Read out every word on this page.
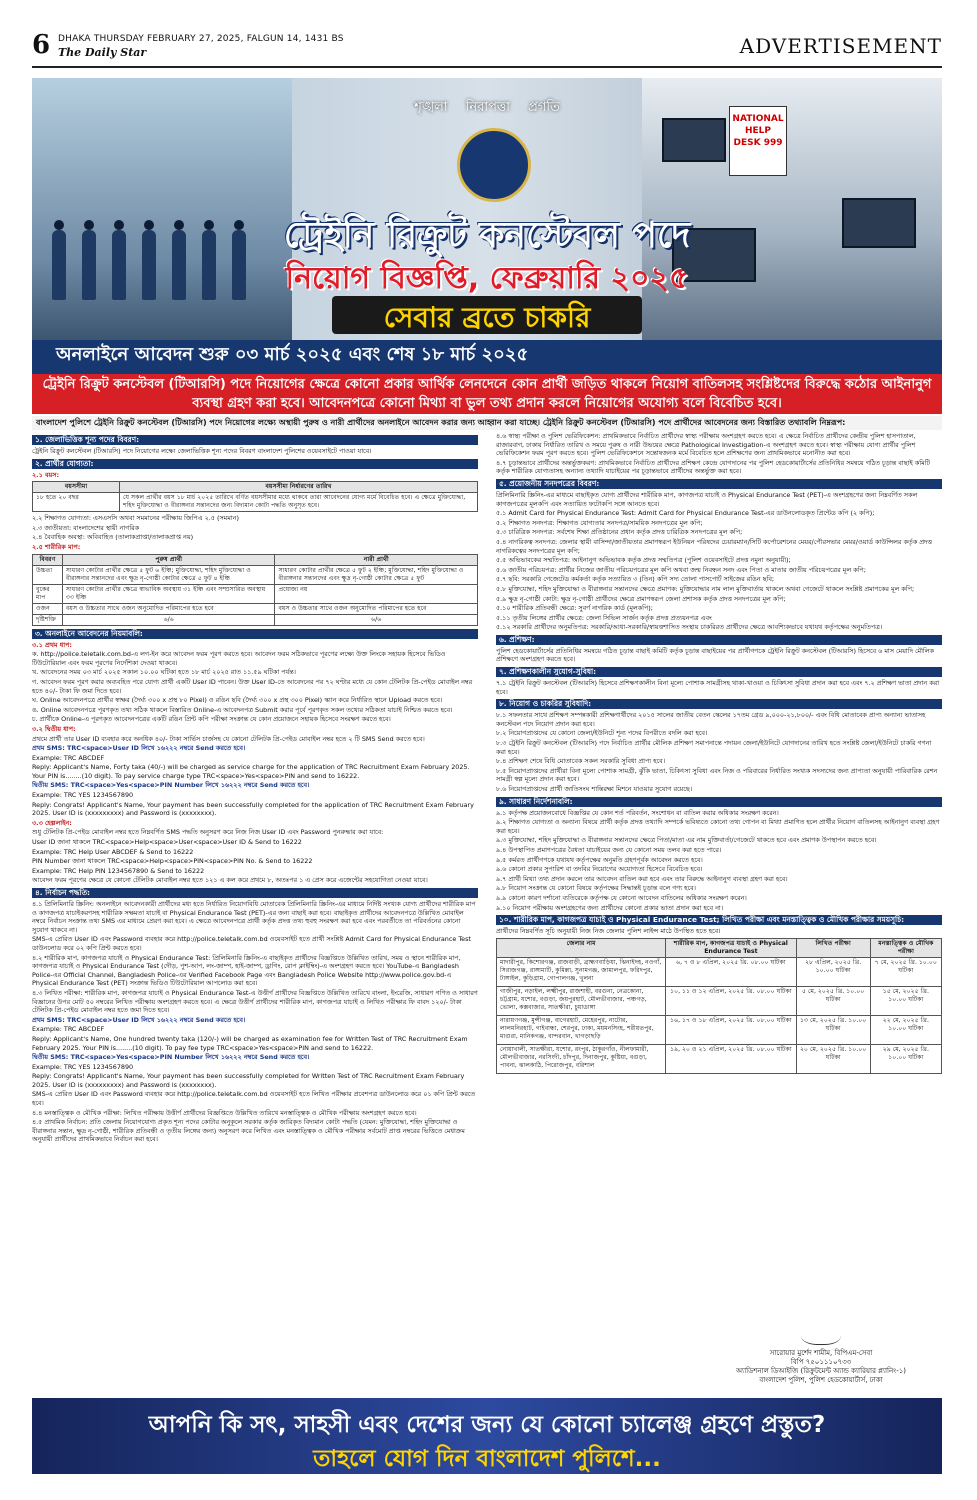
6 DHAKA THURSDAY FEBRUARY 27, 2025, FALGUN 14, 1431 BS
The Daily Star	ADVERTISEMENT
NATIONAL HELP DESK 999
শৃঙ্খলা নিরাপত্তা প্রগতি
ট্রেইনি রিক্রুট কনস্টেবল পদে
নিয়োগ বিজ্ঞপ্তি, ফেব্রুয়ারি ২০২৫
সেবার ব্রতে চাকরি
অনলাইনে আবেদন শুরু ০৩ মার্চ ২০২৫ এবং শেষ ১৮ মার্চ ২০২৫
ট্রেইনি রিক্রুট কনস্টেবল (টিআরসি) পদে নিয়োগের ক্ষেত্রে কোনো প্রকার আর্থিক লেনদেনে কোন প্রার্থী জড়িত থাকলে নিয়োগ বাতিলসহ সংশ্লিষ্টদের বিরুদ্ধে কঠোর আইনানুগ ব্যবস্থা গ্রহণ করা হবে। আবেদনপত্রে কোনো মিথ্যা বা ভুল তথ্য প্রদান করলে নিয়োগের অযোগ্য বলে বিবেচিত হবে।
বাংলাদেশ পুলিশে ট্রেইনি রিক্রুট কনস্টেবল (টিআরসি) পদে নিয়োগের লক্ষ্যে অস্থায়ী পুরুষ ও নারী প্রার্থীদের অনলাইনে আবেদন করার জন্য আহ্বান করা যাচ্ছে। ট্রেইনি রিক্রুট কনস্টেবল (টিআরসি) পদে প্রার্থীদের আবেদনের জন্য বিস্তারিত তথ্যাবলি নিম্নরূপ:
১. জেলাভিত্তিক শূন্য পদের বিবরণ:

ট্রেইনি রিক্রুট কনস্টেবল (টিআরসি) পদে নিয়োগের লক্ষ্যে জেলাভিত্তিক শূন্য পদের বিবরণ বাংলাদেশ পুলিশের ওয়েবসাইটে পাওয়া যাবে।

২. প্রার্থীর যোগ্যতা:

২.১ বয়স:

বয়সসীমা	বয়সসীমা নির্ধারণের তারিখ
১৮ হতে ২০ বছর	যে সকল প্রার্থীর বয়স ১৮ মার্চ ২০২৫ তারিখে বর্ণিত বয়সসীমার মধ্যে থাকবে তারা আবেদনের যোগ্য মর্মে বিবেচিত হবে। এ ক্ষেত্রে মুক্তিযোদ্ধা, শহিদ মুক্তিযোদ্ধা ও বীরাঙ্গনার সন্তানদের জন্য বিদ্যমান কোটা পদ্ধতি অনুসৃত হবে।

২.২ শিক্ষাগত যোগ্যতা: এসএসসি অথবা সমমানের পরীক্ষায় জিপিএ ২.৫ (সমমান)

২.৩ জাতীয়তা: বাংলাদেশের স্থায়ী নাগরিক

২.৪ বৈবাহিক অবস্থা: অবিবাহিত (তালাকপ্রাপ্তা/তালাকপ্রাপ্ত নয়)

২.৫ শারীরিক মাপ:

বিবরণ	পুরুষ প্রার্থী	নারী প্রার্থী
উচ্চতা	সাধারণ কোটার প্রার্থীর ক্ষেত্রে ৫ ফুট ৬ ইঞ্চি; মুক্তিযোদ্ধা, শহিদ মুক্তিযোদ্ধা ও বীরাঙ্গনার সন্তানদের এবং ক্ষুদ্র নৃ-গোষ্ঠী কোটার ক্ষেত্রে ৫ ফুট ৪ ইঞ্চি	সাধারণ কোটার প্রার্থীর ক্ষেত্রে ৫ ফুট ২ ইঞ্চি; মুক্তিযোদ্ধা, শহিদ মুক্তিযোদ্ধা ও বীরাঙ্গনার সন্তানদের এবং ক্ষুদ্র নৃ-গোষ্ঠী কোটার ক্ষেত্রে ৫ ফুট
বুকের মাপ	সাধারণ কোটার প্রার্থীর ক্ষেত্রে স্বাভাবিক অবস্থায় ৩১ ইঞ্চি এবং সম্প্রসারিত অবস্থায় ৩৩ ইঞ্চি	প্রযোজ্য নয়
ওজন	বয়স ও উচ্চতার সাথে ওজন অনুমোদিত পরিমাপের হতে হবে	বয়স ও উচ্চতার সাথে ওজন অনুমোদিত পরিমাপের হতে হবে
দৃষ্টিশক্তি	৬/৬	৬/৬
৩. অনলাইনে আবেদনের নিয়মাবলি:

৩.১ প্রথম ধাপ:

ক. http://police.teletalk.com.bd-এ লগ-ইন করে আবেদন ফরম পূরণ করতে হবে। আবেদন ফরম সঠিকভাবে পূরণের লক্ষ্যে উক্ত লিংকে সহায়ক হিসেবে ভিডিও টিউটোরিয়াল এবং ফরম পূরণের নির্দেশিকা দেওয়া থাকবে।

খ. আবেদনের সময় ০৩ মার্চ ২০২৫ সকাল ১০.০০ ঘটিকা হতে ১৮ মার্চ ২০২৫ রাত ১১.৫৯ ঘটিকা পর্যন্ত।

গ. আবেদন ফরম পূরণ করার অব্যবহিত পরে যোগ্য প্রার্থী একটি User ID পাবেন। উক্ত User ID-তে আবেদনের পর ৭২ ঘণ্টার মধ্যে যে কোন টেলিটক প্রি-পেইড মোবাইল নম্বর হতে ৪০/- টাকা ফি জমা দিতে হবে।

ঘ. Online আবেদনপত্রে প্রার্থীর স্বাক্ষর (দৈর্ঘ্য ৩০০ x প্রস্থ ৮০ Pixel) ও রঙিন ছবি (দৈর্ঘ্য ৩০০ x প্রস্থ ৩০০ Pixel) স্ক্যান করে নির্ধারিত স্থানে Upload করতে হবে।

ঙ. Online আবেদনপত্রে পূরণকৃত তথ্য সঠিক থাকলে বিস্তারিত Online-এ আবেদনপত্র Submit করার পূর্বে পূরণকৃত সকল তথ্যের সঠিকতা যাচাই নিশ্চিত করতে হবে।

চ. প্রার্থীকে Online-এ পূরণকৃত আবেদনপত্রের একটি রঙিন প্রিন্ট কপি পরীক্ষা সংক্রান্ত যে কোন প্রয়োজনে সহায়ক হিসেবে সংরক্ষণ করতে হবে।

৩.২ দ্বিতীয় ধাপ:

প্রথমে প্রার্থী তার User ID ব্যবহার করে অনধিক ৪০/- টাকা সার্ভিস চার্জসহ যে কোনো টেলিটক প্রি-পেইড মোবাইল নম্বর হতে ২ টি SMS Send করতে হবে।

প্রথম SMS: TRC<space>User ID লিখে ১৬২২২ নম্বরে Send করতে হবে।

Example: TRC ABCDEF

Reply: Applicant's Name, Forty taka (40/-) will be charged as service charge for the application of TRC Recruitment Exam February 2025. Your PIN is........(10 digit). To pay service charge type TRC<space>Yes<space>PIN and send to 16222.

দ্বিতীয় SMS: TRC<space>Yes<space>PIN Number লিখে ১৬২২২ নম্বরে Send করতে হবে।

Example: TRC YES 1234567890

Reply: Congrats! Applicant's Name, Your payment has been successfully completed for the application of TRC Recruitment Exam February 2025. User ID is (xxxxxxxxx) and Password is (xxxxxxxx).

৩.৩ হেল্পলাইন:

শুধু টেলিটক প্রি-পেইড মোবাইল নম্বর হতে নিম্নবর্ণিত SMS পদ্ধতি অনুসরণ করে নিজ নিজ User ID এবং Password পুনরুদ্ধার করা যাবে:

User ID জানা থাকলে TRC<space>Help<space>User<space>User ID & Send to 16222

Example: TRC Help User ABCDEF & Send to 16222

PIN Number জানা থাকলে TRC<space>Help<space>PIN<space>PIN No. & Send to 16222

Example: TRC Help PIN 1234567890 & Send to 16222

আবেদন ফরম পূরণের ক্ষেত্রে যে কোনো টেলিটক মোবাইল নম্বর হতে ১২১ এ কল করে প্রথমে ৮, অতঃপর ১ এ প্রেস করে এজেন্টের সহযোগিতা নেওয়া যাবে।

৪. নির্বাচন পদ্ধতি:

৪.১ প্রিলিমিনারি স্ক্রিনিং: অনলাইনে আবেদনকারী প্রার্থীদের মধ্য হতে নির্ধারিত নিয়োগবিধি মোতাবেক প্রিলিমিনারি স্ক্রিনিং-এর মাধ্যমে নির্দিষ্ট সংখ্যক যোগ্য প্রার্থীদের শারীরিক মাপ ও কাগজপত্র যাচাইকরণসহ শারীরিক সক্ষমতা যাচাই বা Physical Endurance Test (PET)-এর জন্য বাছাই করা হবে। বাছাইকৃত প্রার্থীদের আবেদনপত্রে উল্লিখিত মোবাইল নম্বরে নির্বাচন সংক্রান্ত তথ্য SMS এর মাধ্যমে প্রেরণ করা হবে। এ ক্ষেত্রে আবেদনপত্রে প্রার্থী কর্তৃক প্রদত্ত তথ্য হুবহু সংরক্ষণ করা হবে এবং পরবর্তীতে তা পরিবর্তনের কোনো সুযোগ থাকবে না।

SMS-এ প্রেরিত User ID এবং Password ব্যবহার করে http://police.teletalk.com.bd ওয়েবসাইট হতে প্রার্থী সংশ্লিষ্ট Admit Card for Physical Endurance Test ডাউনলোড করে ০২ কপি প্রিন্ট করতে হবে।

৪.২ শারীরিক মাপ, কাগজপত্র যাচাই ও Physical Endurance Test: প্রিলিমিনারি স্ক্রিনিং-এ বাছাইকৃত প্রার্থীদের বিজ্ঞপ্তিতে উল্লিখিত তারিখ, সময় ও স্থানে শারীরিক মাপ, কাগজপত্র যাচাই ও Physical Endurance Test (দৌড়, পুশ-আপ, লং-জাম্প, হাই-জাম্প, ড্রাগিং, রোপ ক্লাইম্বিং)-এ অংশগ্রহণ করতে হবে। YouTube-এ Bangladesh Police-এর Official Channel, Bangladesh Police-এর Verified Facebook Page এবং Bangladesh Police Website http://www.police.gov.bd-এ Physical Endurance Test (PET) সংক্রান্ত ভিডিও টিউটোরিয়াল আপলোড করা হবে।

৪.৩ লিখিত পরীক্ষা: শারীরিক মাপ, কাগজপত্র যাচাই ও Physical Endurance Test-এ উত্তীর্ণ প্রার্থীদের বিজ্ঞপ্তিতে উল্লিখিত তারিখে বাংলা, ইংরেজি, সাধারণ গণিত ও সাধারণ বিজ্ঞানের উপর মোট ৫০ নম্বরের লিখিত পরীক্ষায় অংশগ্রহণ করতে হবে। এ ক্ষেত্রে উত্তীর্ণ প্রার্থীদের শারীরিক মাপ, কাগজপত্র যাচাই ও লিখিত পরীক্ষার ফি বাবদ ১২০/- টাকা টেলিটক প্রি-পেইড মোবাইল নম্বর হতে জমা দিতে হবে।

প্রথম SMS: TRC<space>User ID লিখে ১৬২২২ নম্বরে Send করতে হবে।

Example: TRC ABCDEF

Reply: Applicant's Name, One hundred twenty taka (120/-) will be charged as examination fee for Written Test of TRC Recruitment Exam February 2025. Your PIN is........(10 digit). To pay fee type TRC<space>Yes<space>PIN and send to 16222.

দ্বিতীয় SMS: TRC<space>Yes<space>PIN Number লিখে ১৬২২২ নম্বরে Send করতে হবে।

Example: TRC YES 1234567890

Reply: Congrats! Applicant's Name, Your payment has been successfully completed for Written Test of TRC Recruitment Exam February 2025. User ID is (xxxxxxxxx) and Password is (xxxxxxxx).

SMS-এ প্রেরিত User ID এবং Password ব্যবহার করে http://police.teletalk.com.bd ওয়েবসাইট হতে লিখিত পরীক্ষার প্রবেশপত্র ডাউনলোড করে ০১ কপি প্রিন্ট করতে হবে।

৪.৪ মনস্তাত্ত্বিক ও মৌখিক পরীক্ষা: লিখিত পরীক্ষায় উত্তীর্ণ প্রার্থীদের বিজ্ঞপ্তিতে উল্লিখিত তারিখে মনস্তাত্ত্বিক ও মৌখিক পরীক্ষায় অংশগ্রহণ করতে হবে।

৪.৫ প্রাথমিক নির্বাচন: প্রতি জেলায় নিয়োগযোগ্য প্রকৃত শূন্য পদের কোটার অনুকূলে সরকার কর্তৃক জারিকৃত বিদ্যমান কোটা পদ্ধতি (যেমন: মুক্তিযোদ্ধা, শহিদ মুক্তিযোদ্ধা ও বীরাঙ্গনার সন্তান, ক্ষুদ্র নৃ-গোষ্ঠী, শারীরিক প্রতিবন্ধী ও তৃতীয় লিঙ্গের জন্য) অনুসরণ করে লিখিত এবং মনস্তাত্ত্বিক ও মৌখিক পরীক্ষার সর্বমোট প্রাপ্ত নম্বরের ভিত্তিতে মেধাক্রম অনুযায়ী প্রার্থীদের প্রাথমিকভাবে নির্বাচন করা হবে।

৪.৬ স্বাস্থ্য পরীক্ষা ও পুলিশ ভেরিফিকেশন: প্রাথমিকভাবে নির্বাচিত প্রার্থীদের স্বাস্থ্য পরীক্ষায় অংশগ্রহণ করতে হবে। এ ক্ষেত্রে নির্বাচিত প্রার্থীদের কেন্দ্রীয় পুলিশ হাসপাতাল, রাজারবাগ, ঢাকায় নির্ধারিত তারিখ ও সময়ে পুরুষ ও নারী উভয়ের ক্ষেত্রে Pathological Investigation-এ অংশগ্রহণ করতে হবে। স্বাস্থ্য পরীক্ষায় যোগ্য প্রার্থীর পুলিশ ভেরিফিকেশন ফরম পূরণ করতে হবে। পুলিশ ভেরিফিকেশনে সন্তোষজনক মর্মে বিবেচিত হলে প্রশিক্ষণের জন্য প্রাথমিকভাবে মনোনীত করা হবে।

৪.৭ চূড়ান্তভাবে প্রার্থীদের অন্তর্ভুক্তকরণ: প্রাথমিকভাবে নির্বাচিত প্রার্থীদের প্রশিক্ষণ কেন্দ্রে যোগদানের পর পুলিশ হেডকোয়ার্টার্সের প্রতিনিধির সমন্বয়ে গঠিত চূড়ান্ত বাছাই কমিটি কর্তৃক শারীরিক যোগ্যতাসহ অন্যান্য তথ্যাদি যাচাইয়ের পর চূড়ান্তভাবে প্রার্থীদের অন্তর্ভুক্ত করা হবে।

৫. প্রয়োজনীয় সনদপত্রের বিবরণ:

প্রিলিমিনারি স্ক্রিনিং-এর মাধ্যমে বাছাইকৃত যোগ্য প্রার্থীদের শারীরিক মাপ, কাগজপত্র যাচাই ও Physical Endurance Test (PET)-এ অংশগ্রহণের জন্য নিম্নবর্ণিত সকল কাগজপত্রের মূলকপি এবং সত্যায়িত ফটোকপি সঙ্গে আনতে হবে।

৫.১ Admit Card for Physical Endurance Test: Admit Card for Physical Endurance Test-এর ডাউনলোডকৃত প্রিন্টেড কপি (২ কপি);

৫.২ শিক্ষাগত সনদপত্র: শিক্ষাগত যোগ্যতার সনদপত্র/সাময়িক সনদপত্রের মূল কপি;

৫.৩ চারিত্রিক সনদপত্র: সর্বশেষ শিক্ষা প্রতিষ্ঠানের প্রধান কর্তৃক প্রদত্ত চারিত্রিক সনদপত্রের মূল কপি;

৫.৪ নাগরিকত্ব সনদপত্র: জেলার স্থায়ী বাসিন্দা/জাতীয়তার প্রমাণস্বরূপ ইউনিয়ন পরিষদের চেয়ারম্যান/সিটি কর্পোরেশনের মেয়র/পৌরসভার মেয়র/ওয়ার্ড কাউন্সিলর কর্তৃক প্রদত্ত নাগরিকত্বের সনদপত্রের মূল কপি;

৫.৫ অভিভাবকের সম্মতিপত্র: আইনানুগ অভিভাবক কর্তৃক প্রদত্ত সম্মতিপত্র (পুলিশ ওয়েবসাইটে প্রদত্ত নমুনা অনুযায়ী);

৫.৬ জাতীয় পরিচয়পত্র: প্রার্থীর নিজের জাতীয় পরিচয়পত্রের মূল কপি অথবা জন্ম নিবন্ধন সনদ এবং পিতা ও মাতার জাতীয় পরিচয়পত্রের মূল কপি;

৫.৭ ছবি: সরকারি গেজেটেড কর্মকর্তা কর্তৃক সত্যায়িত ৩ (তিন) কপি সদ্য তোলা পাসপোর্ট সাইজের রঙিন ছবি;

৫.৮ মুক্তিযোদ্ধা, শহিদ মুক্তিযোদ্ধা ও বীরাঙ্গনার সন্তানদের ক্ষেত্রে প্রমাণক: মুক্তিযোদ্ধার নাম লাল মুক্তিবার্তায় থাকলে অথবা গেজেটে থাকলে সংশ্লিষ্ট প্রমাণকের মূল কপি;

৫.৯ ক্ষুদ্র নৃ-গোষ্ঠী কোটা: ক্ষুদ্র নৃ-গোষ্ঠী প্রার্থীদের ক্ষেত্রে প্রমাণস্বরূপ জেলা প্রশাসক কর্তৃক প্রদত্ত সনদপত্রের মূল কপি;

৫.১০ শারীরিক প্রতিবন্ধী ক্ষেত্রে: সুবর্ণ নাগরিক কার্ড (মূলকপি);

৫.১১ তৃতীয় লিঙ্গের প্রার্থীর ক্ষেত্রে: জেলা সিভিল সার্জন কর্তৃক প্রদত্ত প্রত্যয়নপত্র এবং

৫.১২ সরকারি প্রার্থীদের অনুমতিপত্র: সরকারি/আধা-সরকারি/স্বায়ত্তশাসিত সংস্থায় চাকরিরত প্রার্থীদের ক্ষেত্রে আবশ্যিকভাবে যথাযথ কর্তৃপক্ষের অনুমতিপত্র।

৬. প্রশিক্ষণ:

পুলিশ হেডকোয়ার্টার্সের প্রতিনিধির সমন্বয়ে গঠিত চূড়ান্ত বাছাই কমিটি কর্তৃক চূড়ান্ত বাছাইয়ের পর প্রার্থীগণকে ট্রেইনি রিক্রুট কনস্টেবল (টিআরসি) হিসেবে ৬ মাস মেয়াদি মৌলিক প্রশিক্ষণে অংশগ্রহণ করতে হবে।

৭. প্রশিক্ষণকালীন সুযোগ-সুবিধা:

৭.১ ট্রেইনি রিক্রুট কনস্টেবল (টিআরসি) হিসেবে প্রশিক্ষণকালীন বিনা মূল্যে পোশাক সামগ্রীসহ থাকা-খাওয়া ও চিকিৎসা সুবিধা প্রদান করা হবে এবং ৭.২ প্রশিক্ষণ ভাতা প্রদান করা হবে।

৮. নিয়োগ ও চাকরির সুবিধাদি:

৮.১ সফলতার সাথে প্রশিক্ষণ সম্পন্নকারী প্রশিক্ষণার্থীদের ২০১৫ সালের জাতীয় বেতন স্কেলের ১৭তম গ্রেড ৯,০০০-২১,৮০০/- এবং বিধি মোতাবেক প্রাপ্য অন্যান্য ভাতাসহ কনস্টেবল পদে নিয়োগ প্রদান করা হবে।

৮.২ নিয়োগপ্রাপ্তদের যে কোনো জেলা/ইউনিটে শূন্য পদের বিপরীতে বদলি করা হবে।

৮.৩ ট্রেইনি রিক্রুট কনস্টেবল (টিআরসি) পদে নির্বাচিত প্রার্থীর মৌলিক প্রশিক্ষণ সমাপনান্তে পদায়ন জেলা/ইউনিটে যোগদানের তারিখ হতে সংশ্লিষ্ট জেলা/ইউনিটে চাকরি গণনা করা হবে।

৮.৪ প্রশিক্ষণ শেষে বিধি মোতাবেক সকল সরকারি সুবিধা প্রাপ্য হবে।

৮.৫ নিয়োগপ্রাপ্তদের প্রার্থীরা বিনা মূল্যে পোশাক সামগ্রী, ঝুঁকি ভাতা, চিকিৎসা সুবিধা এবং নিজ ও পরিবারের নির্ধারিত সংখ্যক সদস্যদের জন্য প্রাপ্যতা অনুযায়ী পারিবারিক রেশন সামগ্রী স্বল্প মূল্যে প্রদান করা হবে।

৮.৬ নিয়োগপ্রাপ্তদের প্রার্থী জাতিসংঘ শান্তিরক্ষা মিশনে যাওয়ার সুযোগ রয়েছে।

৯. সাধারণ নির্দেশনাবলি:

৯.১ কর্তৃপক্ষ প্রয়োজনবোধে বিজ্ঞপ্তির যে কোন শর্ত পরিবর্তন, সংশোধন বা বাতিল করার অধিকার সংরক্ষণ করেন।

৯.২ শিক্ষাগত যোগ্যতা ও অন্যান্য বিষয়ে প্রার্থী কর্তৃক প্রদত্ত তথ্যাদি সম্পর্কে ভবিষ্যতে কোনো তথ্য গোপন বা মিথ্যা প্রমাণিত হলে প্রার্থীর নিয়োগ বাতিলসহ আইনানুগ ব্যবস্থা গ্রহণ করা হবে।

৯.৩ মুক্তিযোদ্ধা, শহিদ মুক্তিযোদ্ধা ও বীরাঙ্গনার সন্তানদের ক্ষেত্রে পিতা/মাতা এর নাম মুক্তিবার্তা/গেজেটে থাকতে হবে এবং প্রমাণক উপস্থাপন করতে হবে।

৯.৪ উপস্থাপিত প্রমাণপত্রের বৈধতা যাচাইয়ের জন্য যে কোনো সময় তলব করা হতে পারে।

৯.৫ কর্মরত প্রার্থীগণকে যথাযথ কর্তৃপক্ষের অনুমতি গ্রহণপূর্বক আবেদন করতে হবে।

৯.৬ কোনো প্রকার সুপারিশ বা তদবির নিয়োগের অযোগ্যতা হিসেবে বিবেচিত হবে।

৯.৭ প্রার্থী মিথ্যা তথ্য প্রদান করলে তার আবেদন বাতিল করা হবে এবং তার বিরুদ্ধে আইনানুগ ব্যবস্থা গ্রহণ করা হবে।

৯.৮ নিয়োগ সংক্রান্ত যে কোনো বিষয়ে কর্তৃপক্ষের সিদ্ধান্তই চূড়ান্ত বলে গণ্য হবে।

৯.৯ কোনো কারণ দর্শানো ব্যতিরেকে কর্তৃপক্ষ যে কোনো আবেদন বাতিলের অধিকার সংরক্ষণ করেন।

৯.১০ নিয়োগ পরীক্ষায় অংশগ্রহণের জন্য প্রার্থীদের কোনো প্রকার ভাতা প্রদান করা হবে না।

১০. শারীরিক মাপ, কাগজপত্র যাচাই ও Physical Endurance Test; লিখিত পরীক্ষা এবং মনস্তাত্ত্বিক ও মৌখিক পরীক্ষার সময়সূচি:

প্রার্থীদের নিম্নবর্ণিত সূচি অনুযায়ী নিজ নিজ জেলার পুলিশ লাইন্স মাঠে উপস্থিত হতে হবে।

জেলার নাম	শারীরিক মাপ, কাগজপত্র যাচাই ও Physical Endurance Test	লিখিত পরীক্ষা	মনস্তাত্ত্বিক ও মৌখিক পরীক্ষা
মাদারীপুর, কিশোরগঞ্জ, রাজবাড়ী, ব্রাহ্মণবাড়িয়া, ঝিনাইদহ, নওগাঁ, সিরাজগঞ্জ, রাঙ্গামাটি, কুমিল্লা, সুনামগঞ্জ, জামালপুর, ফরিদপুর, টাঙ্গাইল, কুড়িগ্রাম, গোপালগঞ্জ, খুলনা	৬, ৭ ও ৮ এপ্রিল, ২০২৫ খ্রি. ০৮.০০ ঘটিকা	২৮ এপ্রিল, ২০২৫ খ্রি. ১০.০০ ঘটিকা	৭ মে, ২০২৫ খ্রি. ১০.০০ ঘটিকা
গাজীপুর, নড়াইল, লক্ষ্মীপুর, রাজশাহী, বরগুনা, নেত্রকোনা, চট্টগ্রাম, যশোর, বগুড়া, জয়পুরহাট, মৌলভীবাজার, পঞ্চগড়, ভোলা, কক্সবাজার, সাতক্ষীরা, চুয়াডাঙ্গা	১০, ১১ ও ১২ এপ্রিল, ২০২৫ খ্রি. ০৮.০০ ঘটিকা	৫ মে, ২০২৫ খ্রি. ১০.০০ ঘটিকা	১৫ মে, ২০২৫ খ্রি. ১০.০০ ঘটিকা
নারায়ণগঞ্জ, মুন্সীগঞ্জ, বাগেরহাট, মেহেরপুর, নাটোর, লালমনিরহাট, গাইবান্ধা, শেরপুর, ঢাকা, ময়মনসিংহ, শরীয়তপুর, মাগুরা, মানিকগঞ্জ, বান্দরবান, খাগড়াছড়ি	১৬, ১৭ ও ১৮ এপ্রিল, ২০২৫ খ্রি. ০৮.০০ ঘটিকা	১৩ মে, ২০২৫ খ্রি. ১০.০০ ঘটিকা	২২ মে, ২০২৫ খ্রি. ১০.০০ ঘটিকা
নোয়াখালী, সাতক্ষীরা, যশোর, রংপুর, ঠাকুরগাঁও, নীলফামারী, মৌলভীবাজার, নরসিংদী, চাঁদপুর, দিনাজপুর, কুষ্টিয়া, বগুড়া, পাবনা, ঝালকাঠি, পিরোজপুর, বরিশাল	১৯, ২০ ও ২১ এপ্রিল, ২০২৫ খ্রি. ০৮.০০ ঘটিকা	২০ মে, ২০২৫ খ্রি. ১০.০০ ঘটিকা	২৯ মে, ২০২৫ খ্রি. ১০.০০ ঘটিকা
সারোয়ার মুর্শেদ শামীম, বিপিএম-সেবা
বিপি ৭৫০১১১০৭৩৩
অ্যাডিশনাল ডিআইজি (রিক্রুটমেন্ট অ্যান্ড ক্যারিয়ার প্ল্যানিং-১)
বাংলাদেশ পুলিশ, পুলিশ হেডকোয়ার্টার্স, ঢাকা
আপনি কি সৎ, সাহসী এবং দেশের জন্য যে কোনো চ্যালেঞ্জ গ্রহণে প্রস্তুত?
তাহলে যোগ দিন বাংলাদেশ পুলিশে...
